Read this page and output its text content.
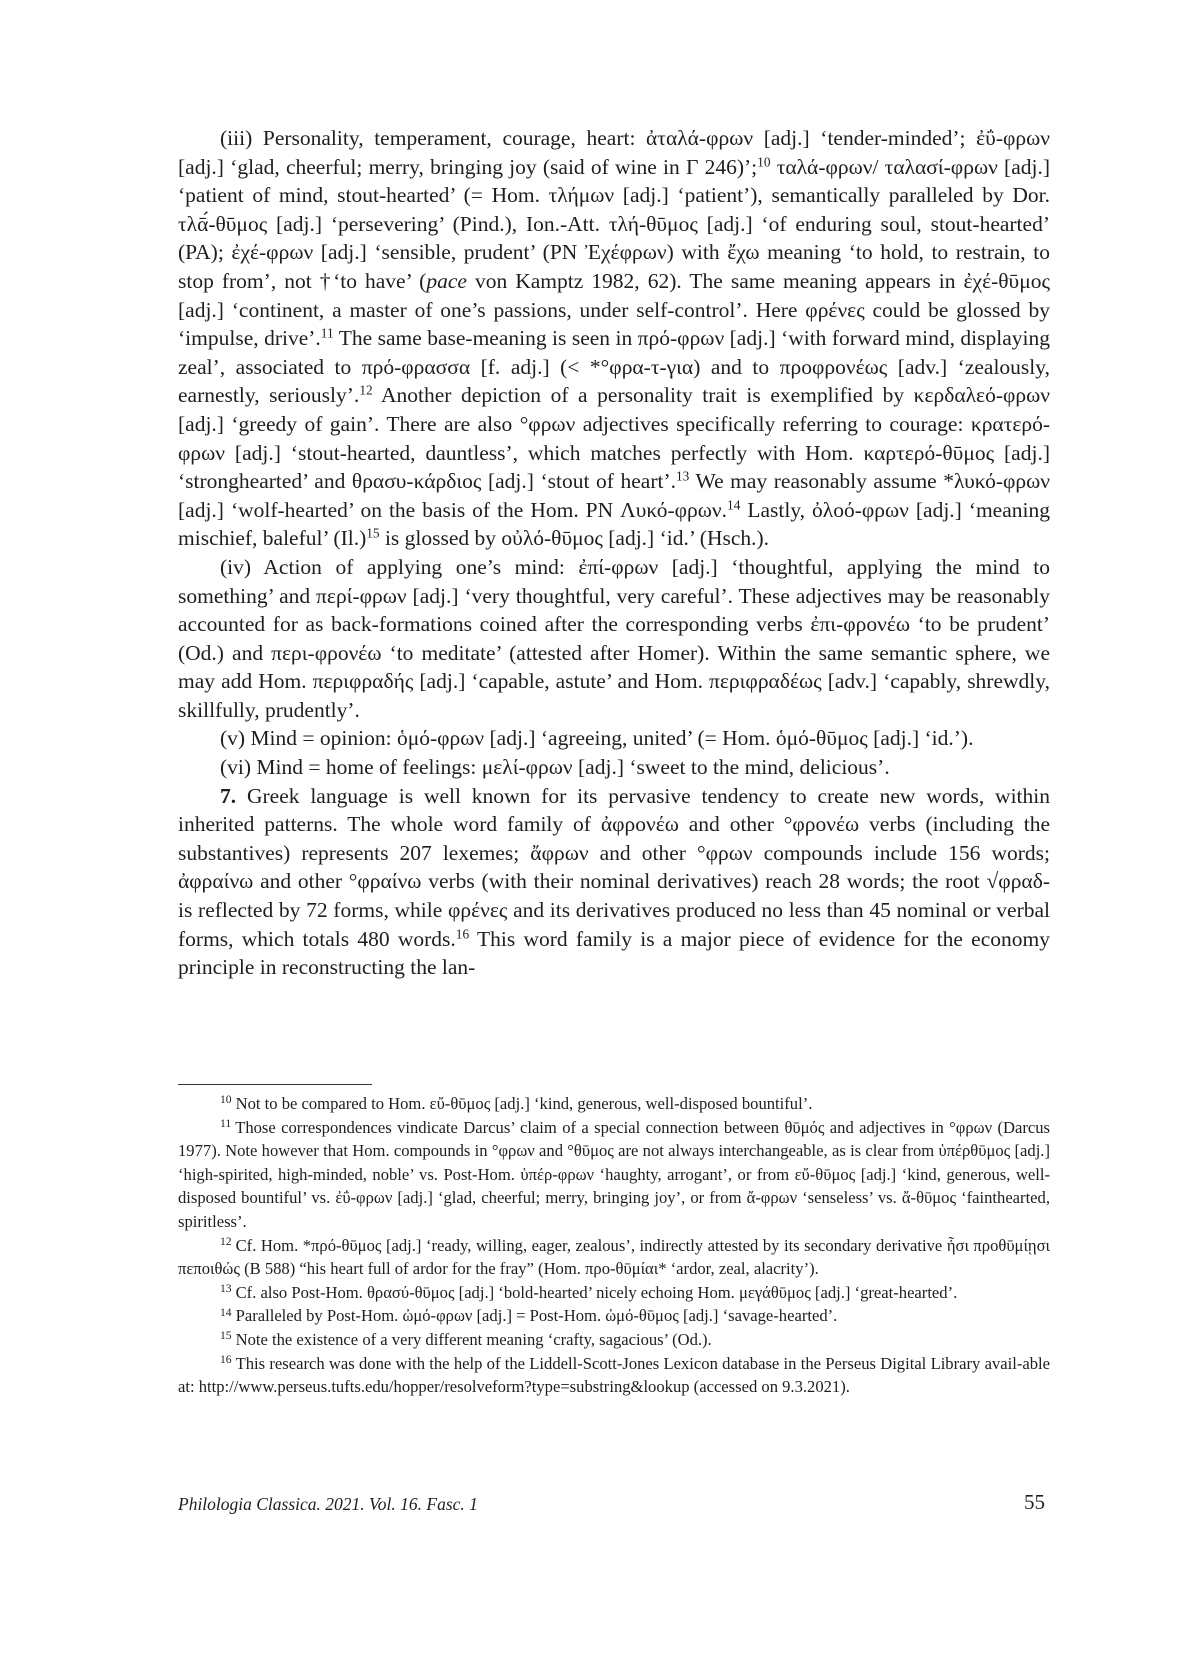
(iii) Personality, temperament, courage, heart: ἀταλά-φρων [adj.] ‘tender-minded’; ἐΰ-φρων [adj.] ‘glad, cheerful; merry, bringing joy (said of wine in Γ 246)’;$^{10}$ ταλά-φρων/ ταλασί-φρων [adj.] ‘patient of mind, stout-hearted’ (= Hom. τλήμων [adj.] ‘patient’), semantically paralleled by Dor. τλᾱ́-θῡμος [adj.] ‘persevering’ (Pind.), Ion.-Att. τλή-θῡμος [adj.] ‘of enduring soul, stout-hearted’ (PA); ἐχέ-φρων [adj.] ‘sensible, prudent’ (PN Ἐχέφρων) with ἔχω meaning ‘to hold, to restrain, to stop from’, not †‘to have’ (pace von Kamptz 1982, 62). The same meaning appears in ἐχέ-θῡμος [adj.] ‘continent, a master of one’s passions, under self-control’. Here φρένες could be glossed by ‘impulse, drive’.$^{11}$ The same base-meaning is seen in πρό-φρων [adj.] ‘with forward mind, displaying zeal’, associated to πρό-φρασσα [f. adj.] (< *°φρα-τ-για) and to προφρονέως [adv.] ‘zealously, earnestly, seriously’.$^{12}$ Another depiction of a personality trait is exemplified by κερδαλεό-φρων [adj.] ‘greedy of gain’. There are also °φρων adjectives specifically referring to courage: κρατερό-φρων [adj.] ‘stout-hearted, dauntless’, which matches perfectly with Hom. καρτερό-θῡμος [adj.] ‘stronghearted’ and θρασυ-κάρδιος [adj.] ‘stout of heart’.$^{13}$ We may reasonably assume *λυκό-φρων [adj.] ‘wolf-hearted’ on the basis of the Hom. PN Λυκό-φρων.$^{14}$ Lastly, ὀλοό-φρων [adj.] ‘meaning mischief, baleful’ $(Il.)^{15}$ is glossed by οὐλό-θῡμος [adj.] ‘id.’ (Hsch.).

(iv) Action of applying one’s mind: ἐπί-φρων [adj.] ‘thoughtful, applying the mind to something’ and περί-φρων [adj.] ‘very thoughtful, very careful’. These adjectives may be reasonably accounted for as back-formations coined after the corresponding verbs ἐπι-φρονέω ‘to be prudent’ (Od.) and περι-φρονέω ‘to meditate’ (attested after Homer). Within the same semantic sphere, we may add Hom. περιφραδής [adj.] ‘capable, astute’ and Hom. περιφραδέως [adv.] ‘capably, shrewdly, skillfully, prudently’.

(v) Mind = opinion: ὁμό-φρων [adj.] ‘agreeing, united’ (= Hom. ὁμό-θῡμος [adj.] ‘id.’).

(vi) Mind = home of feelings: μελί-φρων [adj.] ‘sweet to the mind, delicious’.

7. Greek language is well known for its pervasive tendency to create new words, within inherited patterns. The whole word family of ἀφρονέω and other °φρονέω verbs (including the substantives) represents 207 lexemes; ἄφρων and other °φρων compounds include 156 words; ἀφραίνω and other °φραίνω verbs (with their nominal derivatives) reach 28 words; the root √φραδ- is reflected by 72 forms, while φρένες and its derivatives produced no less than 45 nominal or verbal forms, which totals 480 words.$^{16}$ This word family is a major piece of evidence for the economy principle in reconstructing the lan-

$^{10}$ Not to be compared to Hom. εὔ-θῡμος [adj.] ‘kind, generous, well-disposed bountiful’.

$^{11}$ Those correspondences vindicate Darcus’ claim of a special connection between θῡμός and adjectives in °φρων (Darcus 1977). Note however that Hom. compounds in °φρων and °θῡμος are not always interchangeable, as is clear from ὑπέρθῡμος [adj.] ‘high-spirited, high-minded, noble’ vs. Post-Hom. ὑπέρ-φρων ‘haughty, arrogant’, or from εὔ-θῡμος [adj.] ‘kind, generous, well-disposed bountiful’ vs. ἐΰ-φρων [adj.] ‘glad, cheerful; merry, bringing joy’, or from ἄ-φρων ‘senseless’ vs. ἄ-θῡμος ‘fainthearted, spiritless’.

$^{12}$ Cf. Hom. *πρό-θῡμος [adj.] ‘ready, willing, eager, zealous’, indirectly attested by its secondary derivative ἧσι προθῡμίῃσι πεποιθώς (Β 588) “his heart full of ardor for the fray” (Hom. προ-θῡμίαι* ‘ardor, zeal, alacrity’).

$^{13}$ Cf. also Post-Hom. θρασύ-θῡμος [adj.] ‘bold-hearted’ nicely echoing Hom. μεγάθῡμος [adj.] ‘great-hearted’.

$^{14}$ Paralleled by Post-Hom. ὠμό-φρων [adj.] = Post-Hom. ὠμό-θῡμος [adj.] ‘savage-hearted’.

$^{15}$ Note the existence of a very different meaning ‘crafty, sagacious’ (Od.).

$^{16}$ This research was done with the help of the Liddell-Scott-Jones Lexicon database in the Perseus Digital Library avail-able at: http://www.perseus.tufts.edu/hopper/resolveform?type=substring&lookup (accessed on 9.3.2021).

Philologia Classica. 2021. Vol. 16. Fasc. 1	55
